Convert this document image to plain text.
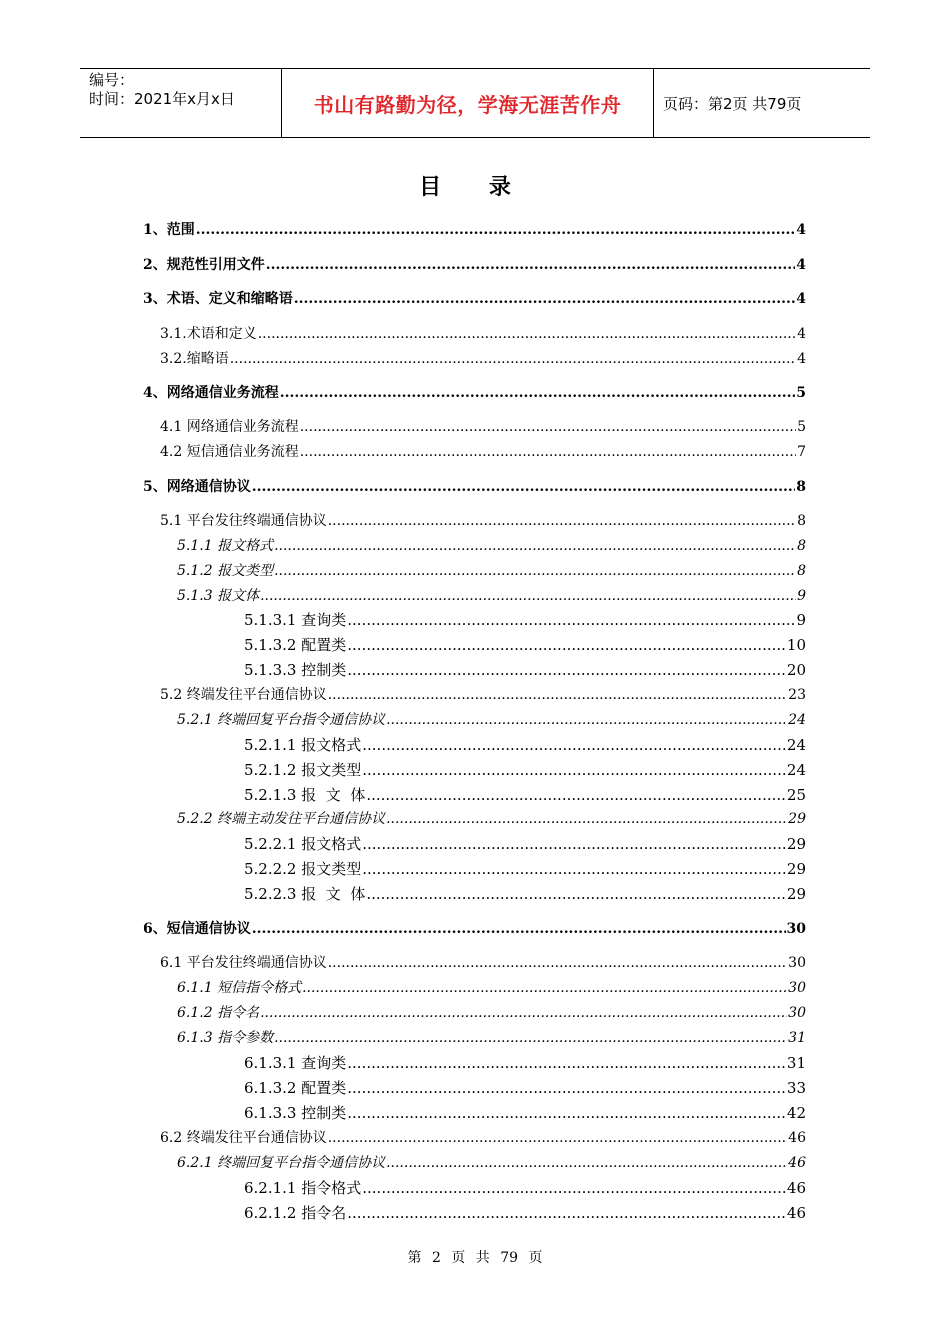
编号：
时间：2021年x月x日	书山有路勤为径，学海无涯苦作舟	页码：第2页 共79页
目 录
1、范围 .....	4
2、规范性引用文件 .....	4
3、术语、定义和缩略语 .....	4
3.1.术语和定义 .....	4
3.2.缩略语 .....	4
4、网络通信业务流程 .....	5
4.1 网络通信业务流程 .....	5
4.2 短信通信业务流程 .....	7
5、网络通信协议 .....	8
5.1 平台发往终端通信协议 .....	8
5.1.1 报文格式 .....	8
5.1.2 报文类型 .....	8
5.1.3 报文体 .....	9
5.1.3.1 查询类 .....	9
5.1.3.2 配置类 .....	10
5.1.3.3 控制类 .....	20
5.2 终端发往平台通信协议 .....	23
5.2.1 终端回复平台指令通信协议 .....	24
5.2.1.1 报文格式 .....	24
5.2.1.2 报文类型 .....	24
5.2.1.3 报  文  体 .....	25
5.2.2 终端主动发往平台通信协议 .....	29
5.2.2.1 报文格式 .....	29
5.2.2.2 报文类型 .....	29
5.2.2.3 报  文  体 .....	29
6、短信通信协议 .....	30
6.1 平台发往终端通信协议 .....	30
6.1.1 短信指令格式 .....	30
6.1.2 指令名 .....	30
6.1.3 指令参数 .....	31
6.1.3.1 查询类 .....	31
6.1.3.2 配置类 .....	33
6.1.3.3 控制类 .....	42
6.2 终端发往平台通信协议 .....	46
6.2.1 终端回复平台指令通信协议 .....	46
6.2.1.1 指令格式 .....	46
6.2.1.2 指令名 .....	46
第 2 页 共 79 页
